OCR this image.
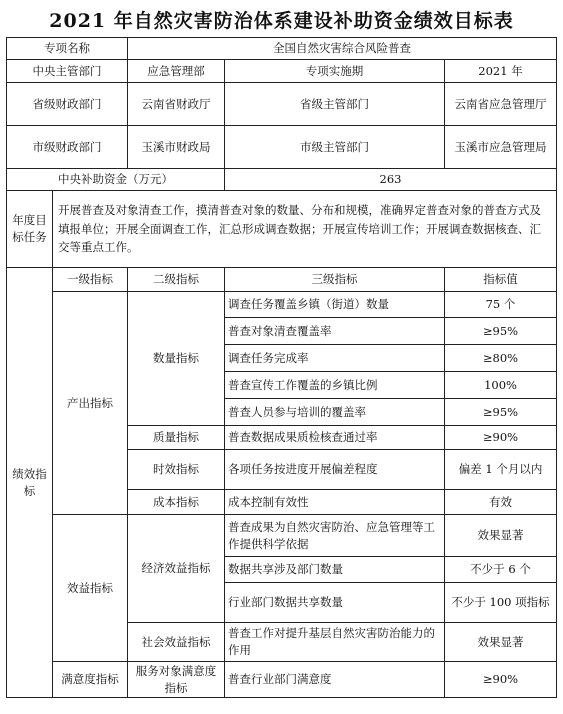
2021 年自然灾害防治体系建设补助资金绩效目标表
专项名称		全国自然灾害综合风险普查		
中央主管部门		应急管理部	专项实施期	2021 年
省级财政部门		云南省财政厅	省级主管部门	云南省应急管理厅
市级财政部门		玉溪市财政局	市级主管部门	玉溪市应急管理局
中央补助资金（万元）			263	
年度目标任务	开展普查及对象清查工作，摸清普查对象的数量、分布和规模，准确界定普查对象的普查方式及填报单位；开展全面调查工作，汇总形成调查数据；开展宣传培训工作；开展调查数据核查、汇交等重点工作。			
绩效指标	一级指标	二级指标	三级指标	指标值
	产出指标	数量指标	调查任务覆盖乡镇（街道）数量	75 个
			普查对象清查覆盖率	≥95%
			调查任务完成率	≥80%
			普查宣传工作覆盖的乡镇比例	100%
			普查人员参与培训的覆盖率	≥95%
		质量指标	普查数据成果质检核查通过率	≥90%
		时效指标	各项任务按进度开展偏差程度	偏差 1 个月以内
		成本指标	成本控制有效性	有效
	效益指标	经济效益指标	普查成果为自然灾害防治、应急管理等工作提供科学依据	效果显著
			数据共享涉及部门数量	不少于 6 个
			行业部门数据共享数量	不少于 100 项指标
		社会效益指标	普查工作对提升基层自然灾害防治能力的作用	效果显著
	满意度指标	服务对象满意度指标	普查行业部门满意度	≥90%
